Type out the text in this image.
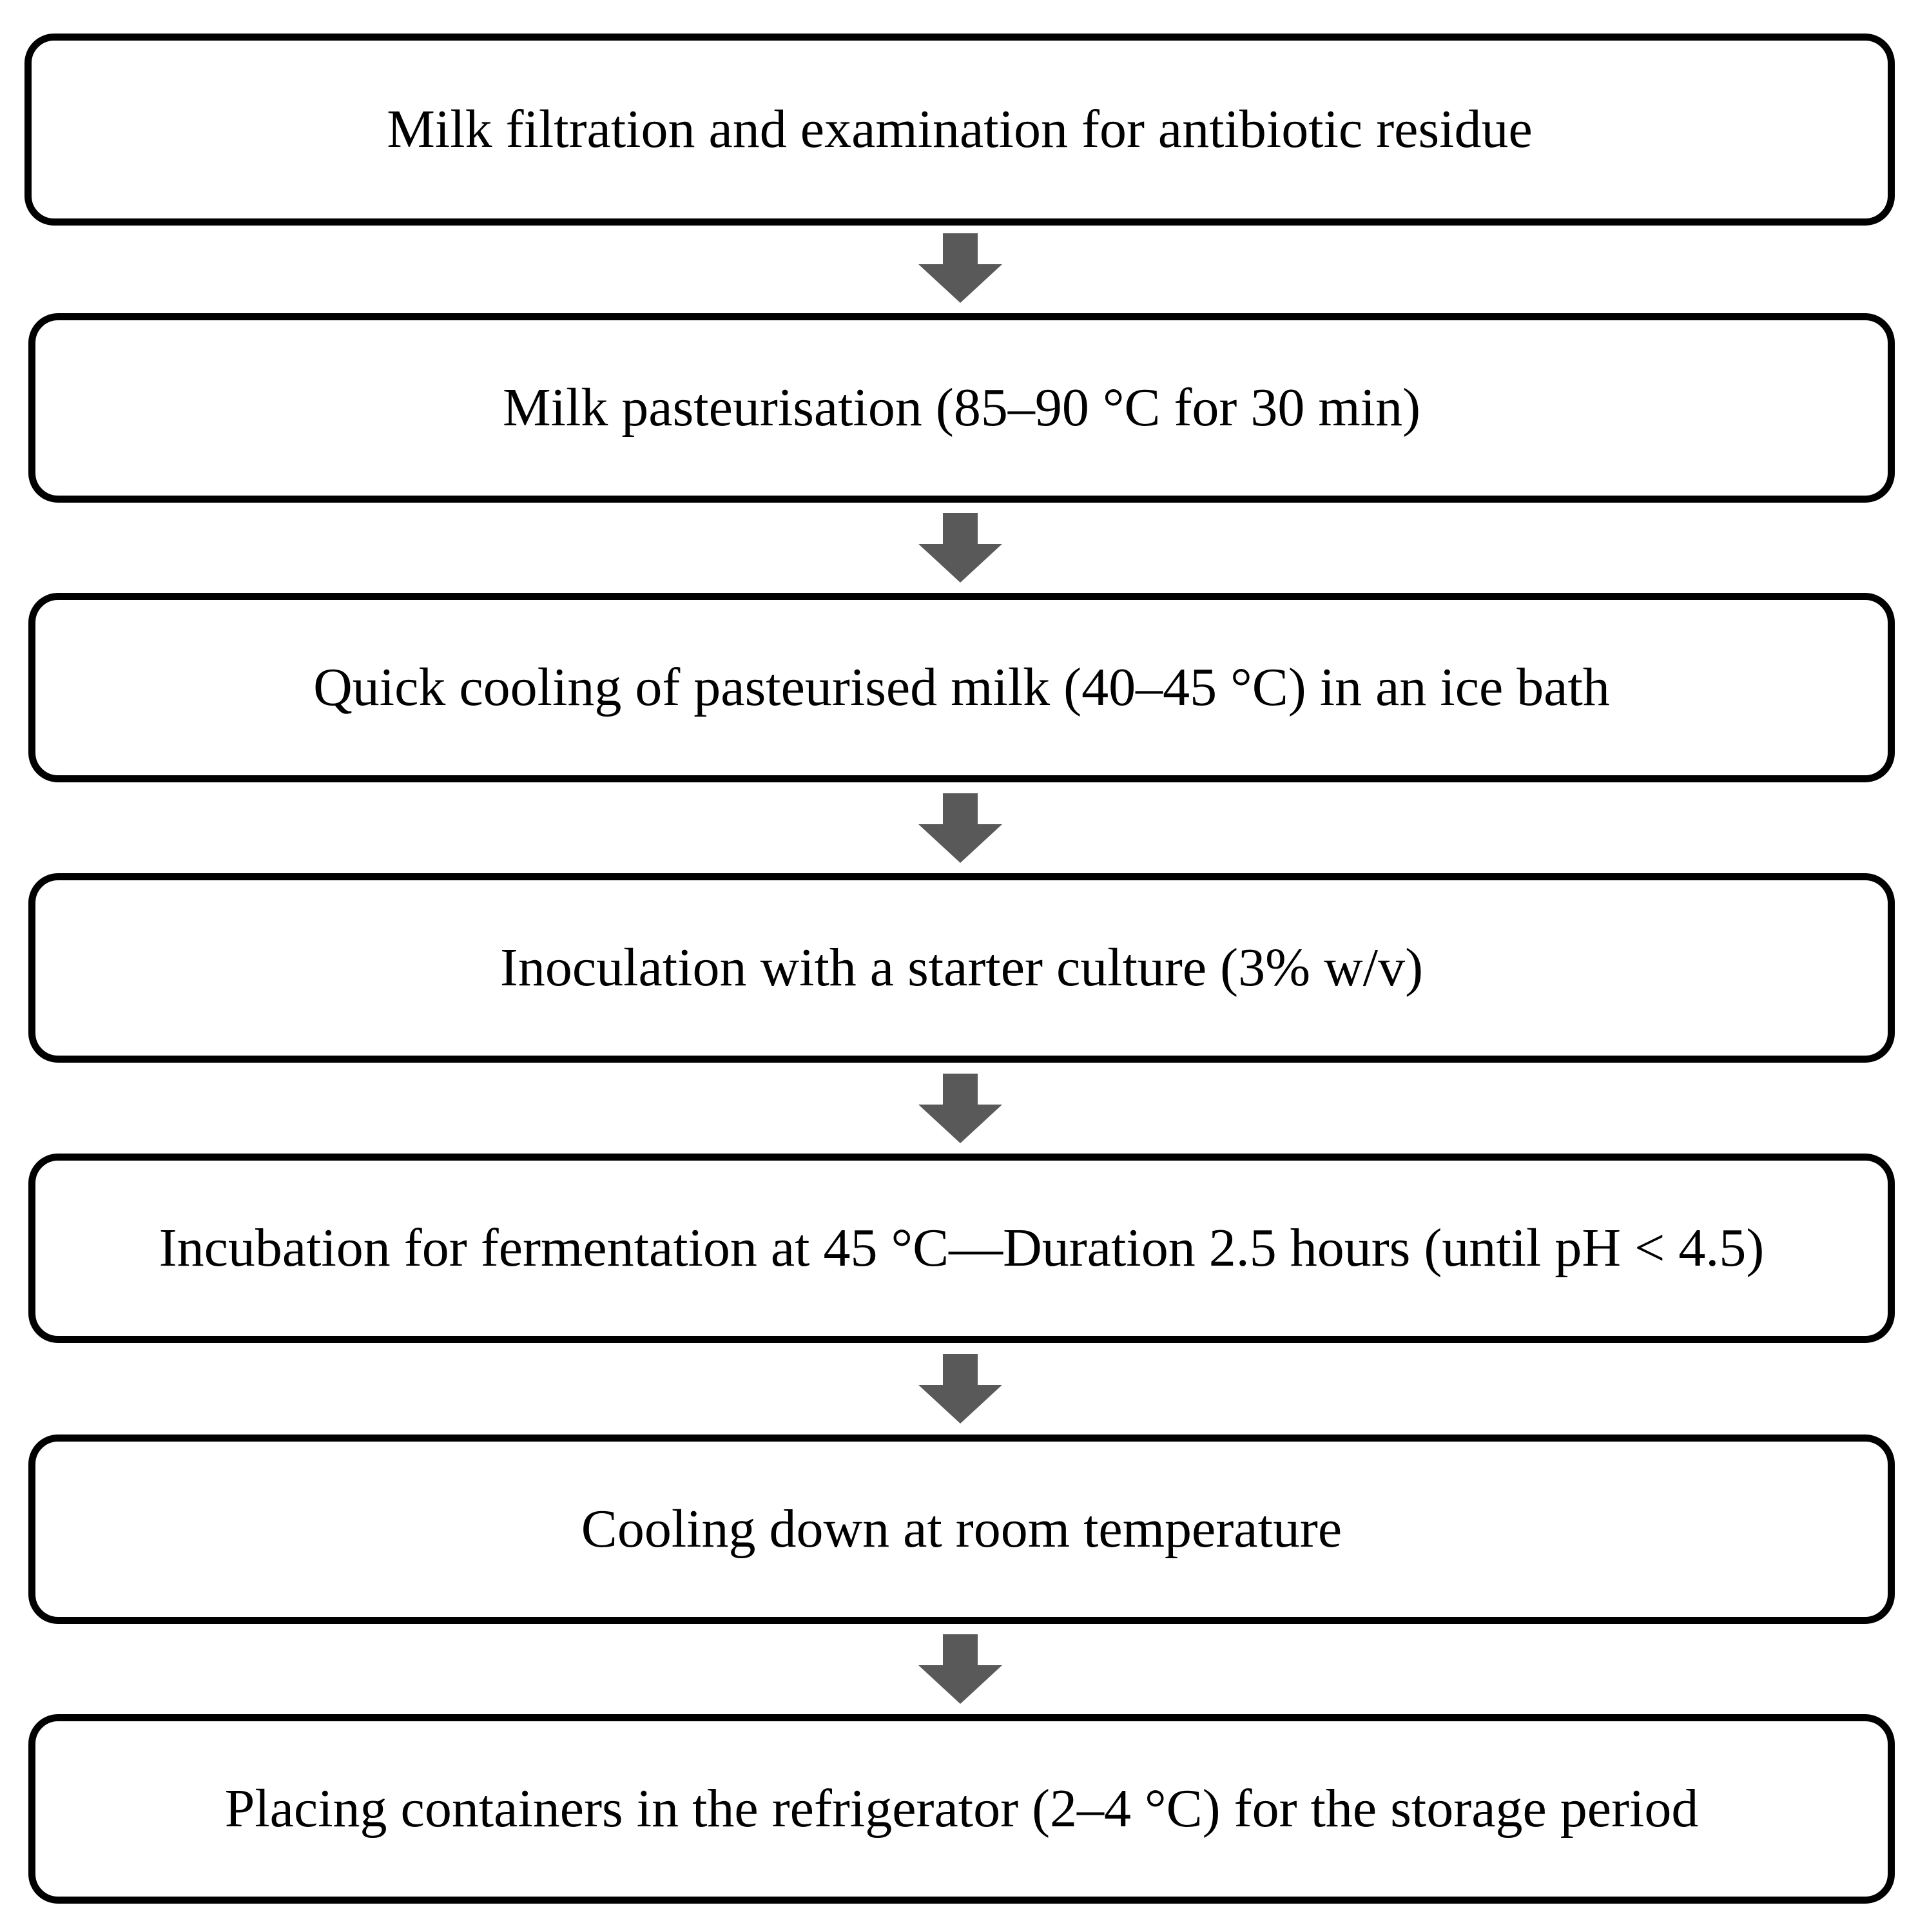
Milk filtration and examination for antibiotic residue
Milk pasteurisation (85–90 °C for 30 min)
Quick cooling of pasteurised milk (40–45 °C) in an ice bath
Inoculation with a starter culture (3% w/v)
Incubation for fermentation at 45 °C—Duration 2.5 hours (until pH < 4.5)
Cooling down at room temperature
Placing containers in the refrigerator (2–4 °C) for the storage period
